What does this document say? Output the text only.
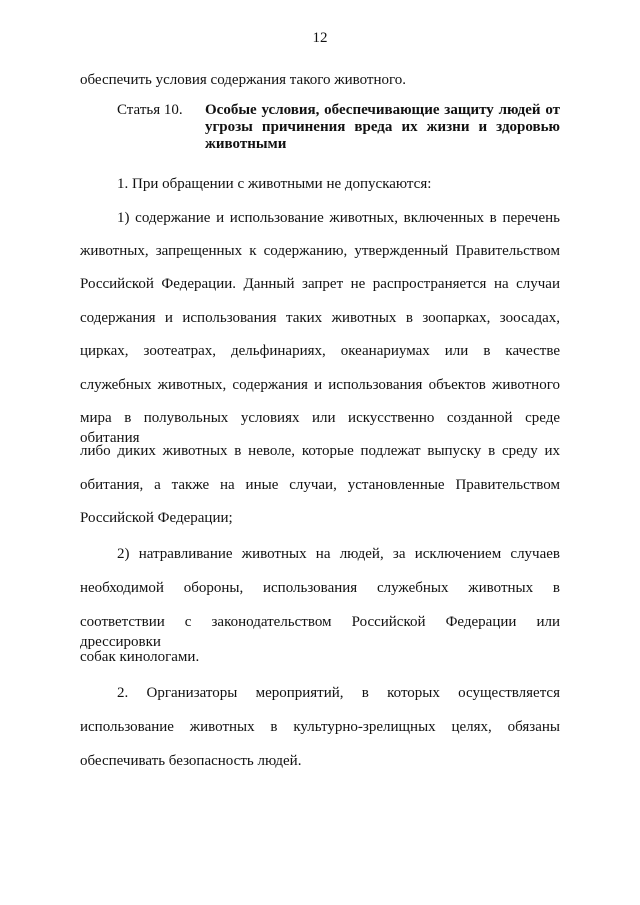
12
обеспечить условия содержания такого животного.
Статья 10.	Особые условия, обеспечивающие защиту людей от
угрозы причинения вреда их жизни и здоровью
животными
1. При обращении с животными не допускаются:
1) содержание и использование животных, включенных в перечень
животных, запрещенных к содержанию, утвержденный Правительством
Российской Федерации. Данный запрет не распространяется на случаи
содержания и использования таких животных в зоопарках, зоосадах,
цирках, зоотеатрах, дельфинариях, океанариумах или в качестве
служебных животных, содержания и использования объектов животного
мира в полувольных условиях или искусственно созданной среде обитания
либо диких животных в неволе, которые подлежат выпуску в среду их
обитания, а также на иные случаи, установленные Правительством
Российской Федерации;
2) натравливание животных на людей, за исключением случаев
необходимой обороны, использования служебных животных в
соответствии с законодательством Российской Федерации или дрессировки
собак кинологами.
2. Организаторы мероприятий, в которых осуществляется
использование животных в культурно-зрелищных целях, обязаны
обеспечивать безопасность людей.
